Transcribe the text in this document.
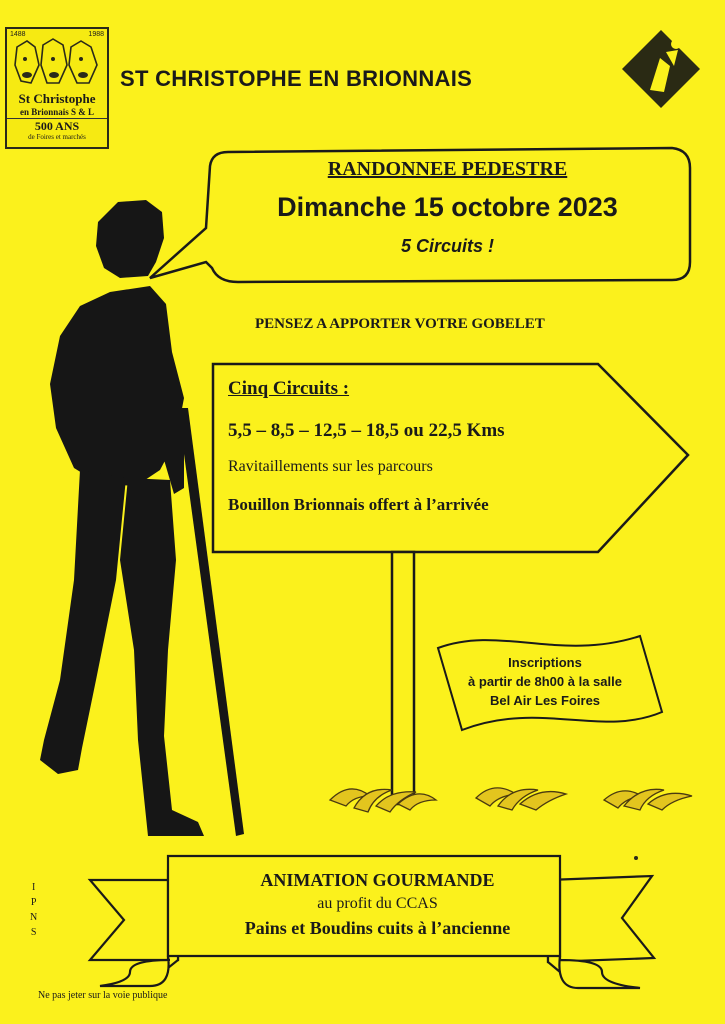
1488	1988
St Christophe
en Brionnais S & L
500 ANS
de Foires et marchés
ST CHRISTOPHE EN BRIONNAIS
RANDONNEE PEDESTRE
Dimanche 15 octobre 2023
5 Circuits !
PENSEZ A APPORTER VOTRE GOBELET
Cinq Circuits :
5,5 – 8,5 – 12,5 – 18,5 ou 22,5 Kms
Ravitaillements sur les parcours
Bouillon Brionnais offert à l’arrivée
Inscriptions
à partir de 8h00 à la salle
Bel Air Les Foires
ANIMATION GOURMANDE
au profit du CCAS
Pains et Boudins cuits à l’ancienne
I
P
N
S
Ne pas jeter sur la voie publique
